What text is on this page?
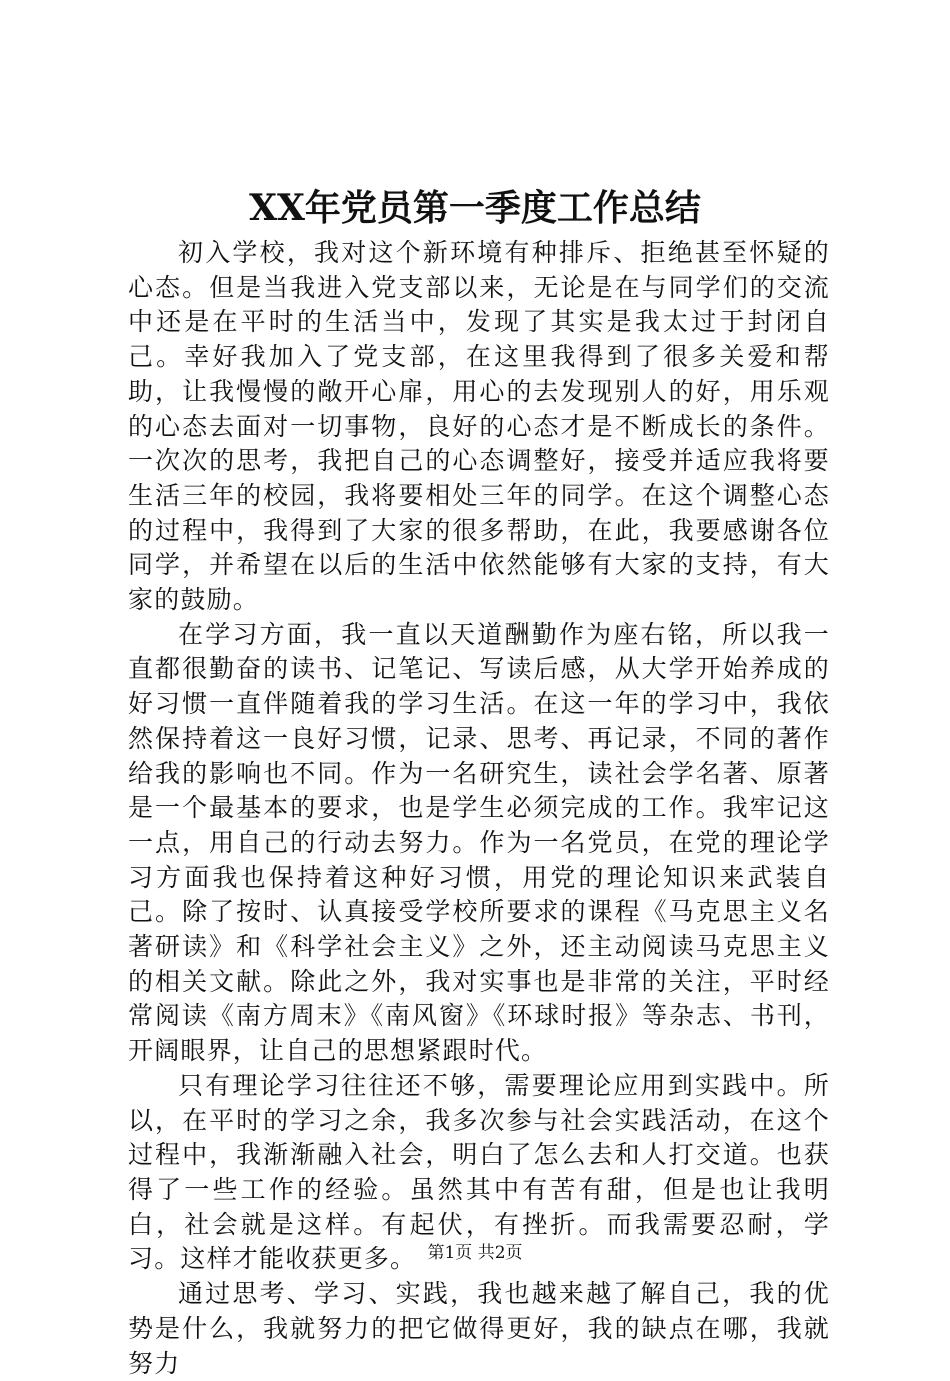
XX年党员第一季度工作总结

初入学校，我对这个新环境有种排斥、拒绝甚至怀疑的心态。但是当我进入党支部以来，无论是在与同学们的交流中还是在平时的生活当中，发现了其实是我太过于封闭自己。幸好我加入了党支部，在这里我得到了很多关爱和帮助，让我慢慢的敞开心扉，用心的去发现别人的好，用乐观的心态去面对一切事物，良好的心态才是不断成长的条件。一次次的思考，我把自己的心态调整好，接受并适应我将要生活三年的校园，我将要相处三年的同学。在这个调整心态的过程中，我得到了大家的很多帮助，在此，我要感谢各位同学，并希望在以后的生活中依然能够有大家的支持，有大家的鼓励。

在学习方面，我一直以天道酬勤作为座右铭，所以我一直都很勤奋的读书、记笔记、写读后感，从大学开始养成的好习惯一直伴随着我的学习生活。在这一年的学习中，我依然保持着这一良好习惯，记录、思考、再记录，不同的著作给我的影响也不同。作为一名研究生，读社会学名著、原著是一个最基本的要求，也是学生必须完成的工作。我牢记这一点，用自己的行动去努力。作为一名党员，在党的理论学习方面我也保持着这种好习惯，用党的理论知识来武装自己。除了按时、认真接受学校所要求的课程《马克思主义名著研读》和《科学社会主义》之外，还主动阅读马克思主义的相关文献。除此之外，我对实事也是非常的关注，平时经常阅读《南方周末》《南风窗》《环球时报》等杂志、书刊，开阔眼界，让自己的思想紧跟时代。

只有理论学习往往还不够，需要理论应用到实践中。所以，在平时的学习之余，我多次参与社会实践活动，在这个过程中，我渐渐融入社会，明白了怎么去和人打交道。也获得了一些工作的经验。虽然其中有苦有甜，但是也让我明白，社会就是这样。有起伏，有挫折。而我需要忍耐，学习。这样才能收获更多。

通过思考、学习、实践，我也越来越了解自己，我的优势是什么，我就努力的把它做得更好，我的缺点在哪，我就努力

第1页 共2页
